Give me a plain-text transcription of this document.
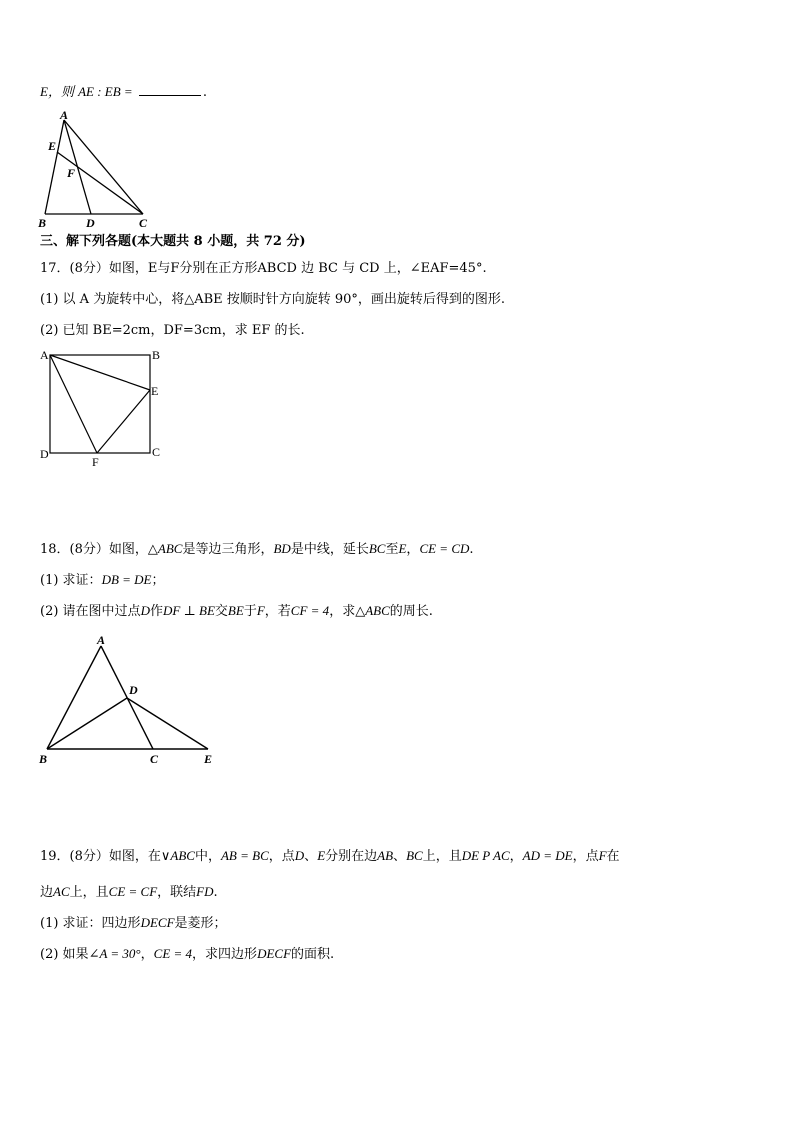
E，则 AE : EB =	.
A
E
F
B	D	C
三、解下列各题(本大题共 8 小题，共 72 分)
17．(8分）如图，E与F分别在正方形ABCD 边 BC 与 CD 上，∠EAF=45°.
(1) 以 A 为旋转中心，将△ABE 按顺时针方向旋转 90°，画出旋转后得到的图形.
(2) 已知 BE=2cm，DF=3cm，求 EF 的长.
A	B
E
D
F
C
18．(8分）如图，△ABC是等边三角形，BD是中线，延长BC至E，CE = CD.
(1) 求证：DB = DE；
(2) 请在图中过点D作DF ⊥ BE交BE于F，若CF = 4，求△ABC的周长.
A
D
B	C	E
19．(8分）如图，在∨ABC中，AB = BC，点D、E分别在边AB、BC上，且DE P AC，AD = DE，点F在
边AC上，且CE = CF，联结FD.
(1) 求证：四边形DECF是菱形；
(2) 如果∠A = 30°，CE = 4，求四边形DECF的面积.
